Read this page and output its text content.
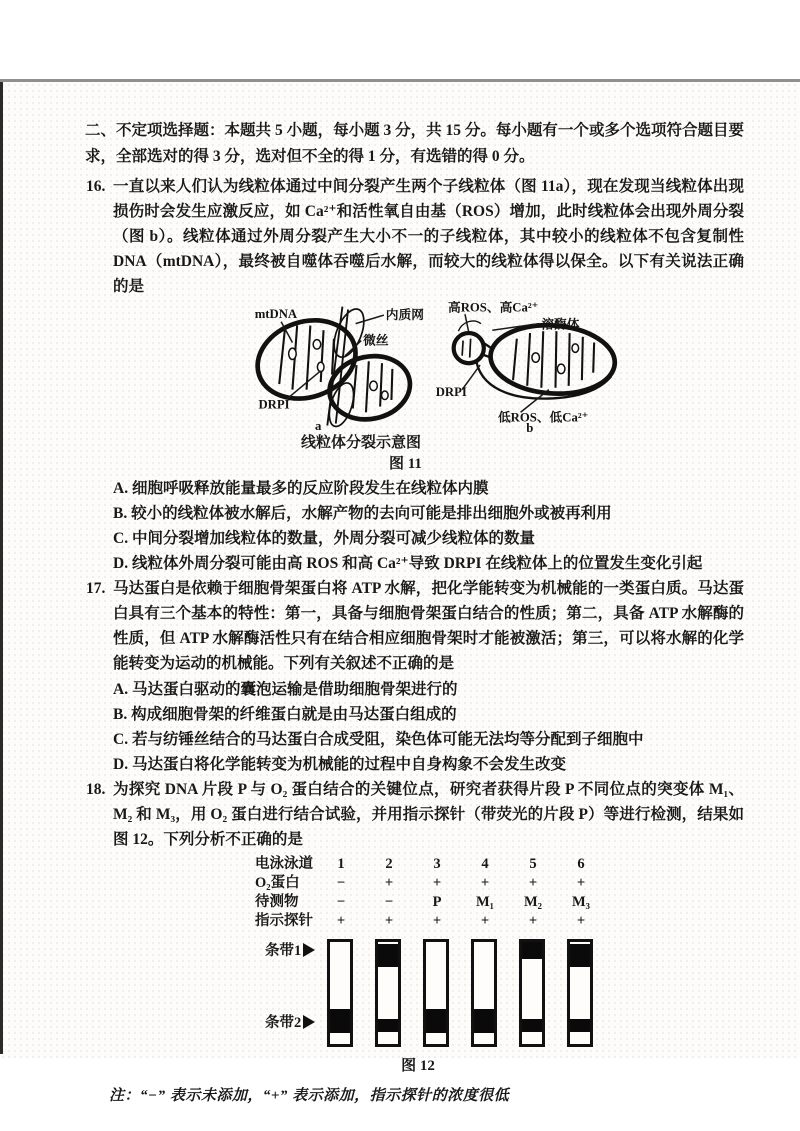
二、不定项选择题：本题共 5 小题，每小题 3 分，共 15 分。每小题有一个或多个选项符合题目要求，全部选对的得 3 分，选对但不全的得 1 分，有选错的得 0 分。

16. 一直以来人们认为线粒体通过中间分裂产生两个子线粒体（图 11a），现在发现当线粒体出现损伤时会发生应激反应，如 Ca²⁺和活性氧自由基（ROS）增加，此时线粒体会出现外周分裂（图 b）。线粒体通过外周分裂产生大小不一的子线粒体，其中较小的线粒体不包含复制性 DNA（mtDNA），最终被自噬体吞噬后水解，而较大的线粒体得以保全。以下有关说法正确的是
mtDNA	内质网
微丝
DRPI
a
高ROS、高Ca²⁺
溶酶体
DRPI
低ROS、低Ca²⁺
b
线粒体分裂示意图
图 11
A. 细胞呼吸释放能量最多的反应阶段发生在线粒体内膜
B. 较小的线粒体被水解后，水解产物的去向可能是排出细胞外或被再利用
C. 中间分裂增加线粒体的数量，外周分裂可减少线粒体的数量
D. 线粒体外周分裂可能由高 ROS 和高 Ca²⁺导致 DRPI 在线粒体上的位置发生变化引起
17. 马达蛋白是依赖于细胞骨架蛋白将 ATP 水解，把化学能转变为机械能的一类蛋白质。马达蛋白具有三个基本的特性：第一，具备与细胞骨架蛋白结合的性质；第二，具备 ATP 水解酶的性质，但 ATP 水解酶活性只有在结合相应细胞骨架时才能被激活；第三，可以将水解的化学能转变为运动的机械能。下列有关叙述不正确的是
A. 马达蛋白驱动的囊泡运输是借助细胞骨架进行的
B. 构成细胞骨架的纤维蛋白就是由马达蛋白组成的
C. 若与纺锤丝结合的马达蛋白合成受阻，染色体可能无法均等分配到子细胞中
D. 马达蛋白将化学能转变为机械能的过程中自身构象不会发生改变
18. 为探究 DNA 片段 P 与 O₂ 蛋白结合的关键位点，研究者获得片段 P 不同位点的突变体 M₁、M₂ 和 M₃，用 O₂ 蛋白进行结合试验，并用指示探针（带荧光的片段 P）等进行检测，结果如图 12。下列分析不正确的是
电泳泳道	1	2	3	4	5	6
O₂蛋白	−	+	+	+	+	+
待测物	−	−	P	M₁	M₂	M₃
指示探针	+	+	+	+	+	+
条带1
条带2
图 12

注：“−” 表示未添加，“+” 表示添加，指示探针的浓度很低
